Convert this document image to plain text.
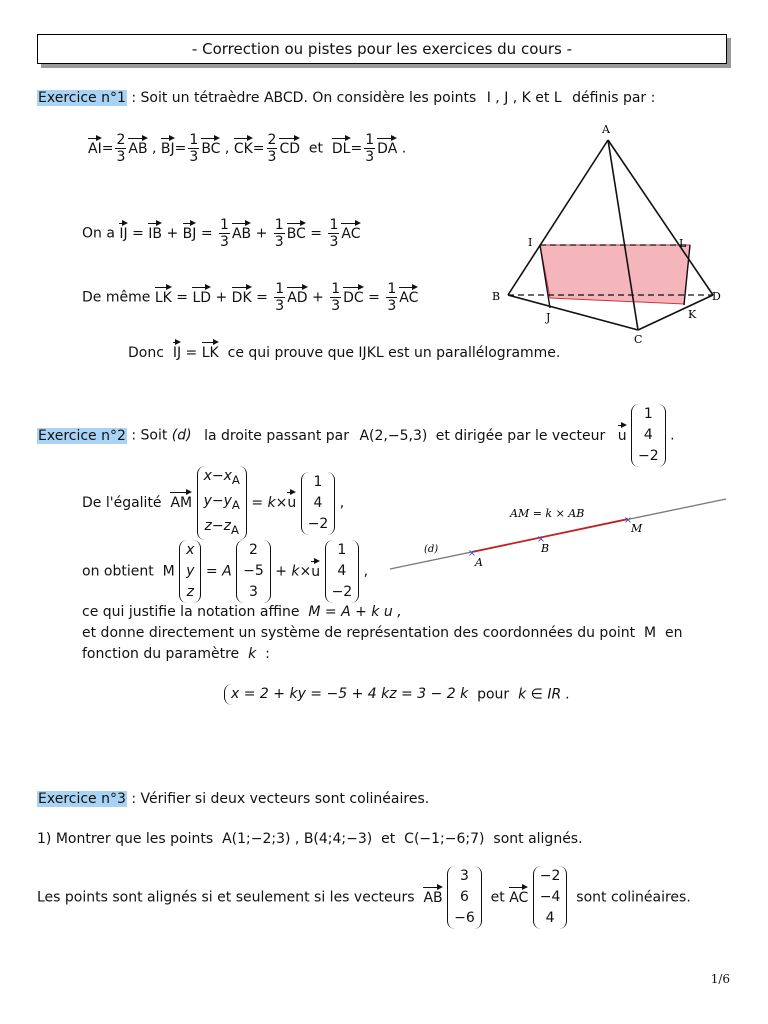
- Correction ou pistes pour les exercices du cours -
Exercice n°1 : Soit un tétraèdre ABCD. On considère les points I , J , K et L définis par :
$AI= \frac{2}{3}$ AB , $BJ= \frac{1}{3}$ BC , $CK= \frac{2}{3}$ CD  et  $DL= \frac{1}{3}$ DA .
On a IJ = IB + BJ = $\frac{1}{3}$ AB + $\frac{1}{3}$ BC = $\frac{1}{3}$ AC
De même LK = LD + DK = $\frac{1}{3}$ AD + $\frac{1}{3}$ DC = $\frac{1}{3}$ AC
Donc IJ = LK ce qui prouve que IJKL est un parallélogramme.
A
I	L
B	D
J	K
C
Exercice n°2 : Soit (d) la droite passant par A(2,−5,3) et dirigée par le vecteur u
1
4
−2
.
De l'égalité AM
$x-x_A$
$y-y_A$
$z-z_A$
= k×u
1
4
−2
,
on obtient  M
x
y
z
= A
2
−5
3
+ k×u
1
4
−2
,
×
×
×
(d)
A
B
M
AM = k × AB
ce qui justifie la notation affine M = A + k u ,
et donne directement un système de représentation des coordonnées du point M en
fonction du paramètre k :
x = 2 + ky = −5 + 4 kz = 3 − 2 k pour k ∈ IR .
Exercice n°3 : Vérifier si deux vecteurs sont colinéaires.
1) Montrer que les points A(1;−2;3) , B(4;4;−3) et C(−1;−6;7) sont alignés.
Les points sont alignés si et seulement si les vecteurs AB
3
6
−6
et AC
−2
−4
4
sont colinéaires.
1/6
